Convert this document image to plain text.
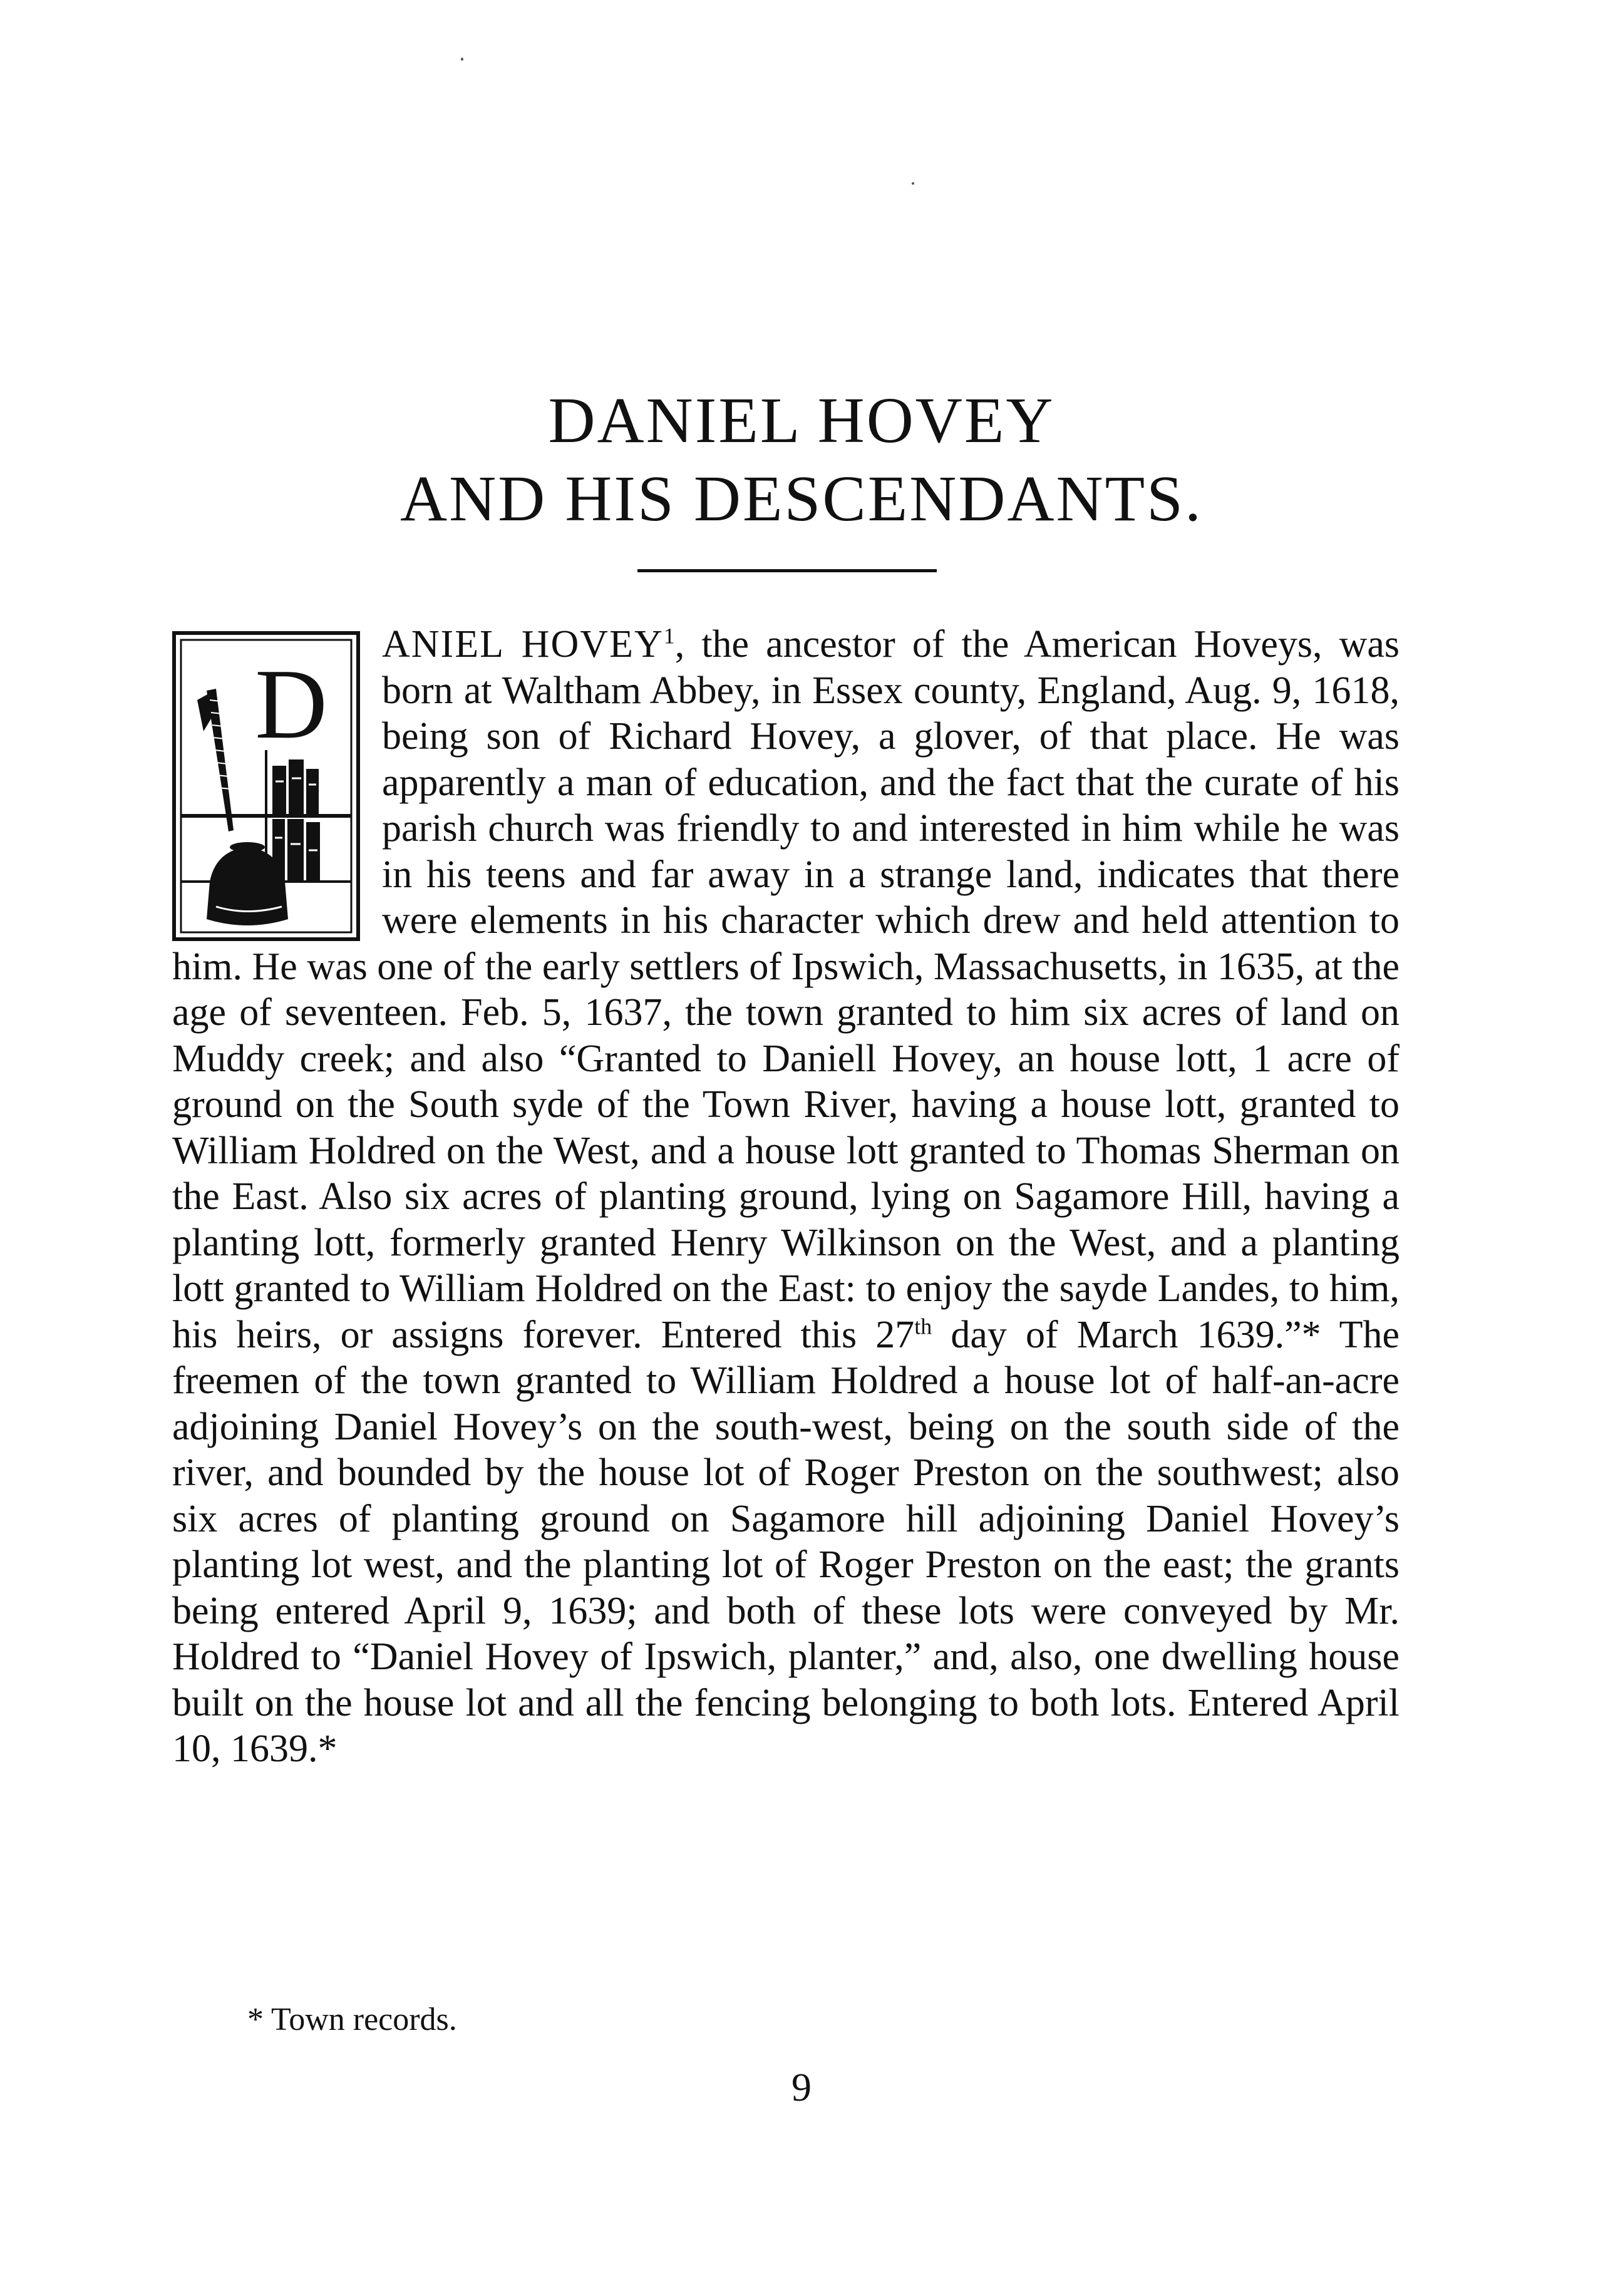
DANIEL HOVEY
AND HIS DESCENDANTS.
D

ANIEL HOVEY$^1$, the ancestor of the American Hoveys, was born at Waltham Abbey, in Essex county, England, Aug. 9, 1618, being son of Richard Hovey, a glover, of that place. He was apparently a man of education, and the fact that the curate of his parish church was friendly to and interested in him while he was in his teens and far away in a strange land, indicates that there were elements in his character which drew and held attention to him. He was one of the early settlers of Ipswich, Massachusetts, in 1635, at the age of seventeen. Feb. 5, 1637, the town granted to him six acres of land on Muddy creek; and also “Granted to Daniell Hovey, an house lott, 1 acre of ground on the South syde of the Town River, having a house lott, granted to William Holdred on the West, and a house lott granted to Thomas Sherman on the East. Also six acres of planting ground, lying on Sagamore Hill, having a planting lott, formerly granted Henry Wilkinson on the West, and a planting lott granted to William Holdred on the East: to enjoy the sayde Landes, to him, his heirs, or assigns forever. Entered this 27th day of March 1639.”* The freemen of the town granted to William Holdred a house lot of half-an-acre adjoining Daniel Hovey’s on the south-west, being on the south side of the river, and bounded by the house lot of Roger Preston on the southwest; also six acres of planting ground on Sagamore hill adjoining Daniel Hovey’s planting lot west, and the planting lot of Roger Preston on the east; the grants being entered April 9, 1639; and both of these lots were conveyed by Mr. Holdred to “Daniel Hovey of Ipswich, planter,” and, also, one dwelling house built on the house lot and all the fencing belonging to both lots. Entered April 10, 1639.*

* Town records.

9
